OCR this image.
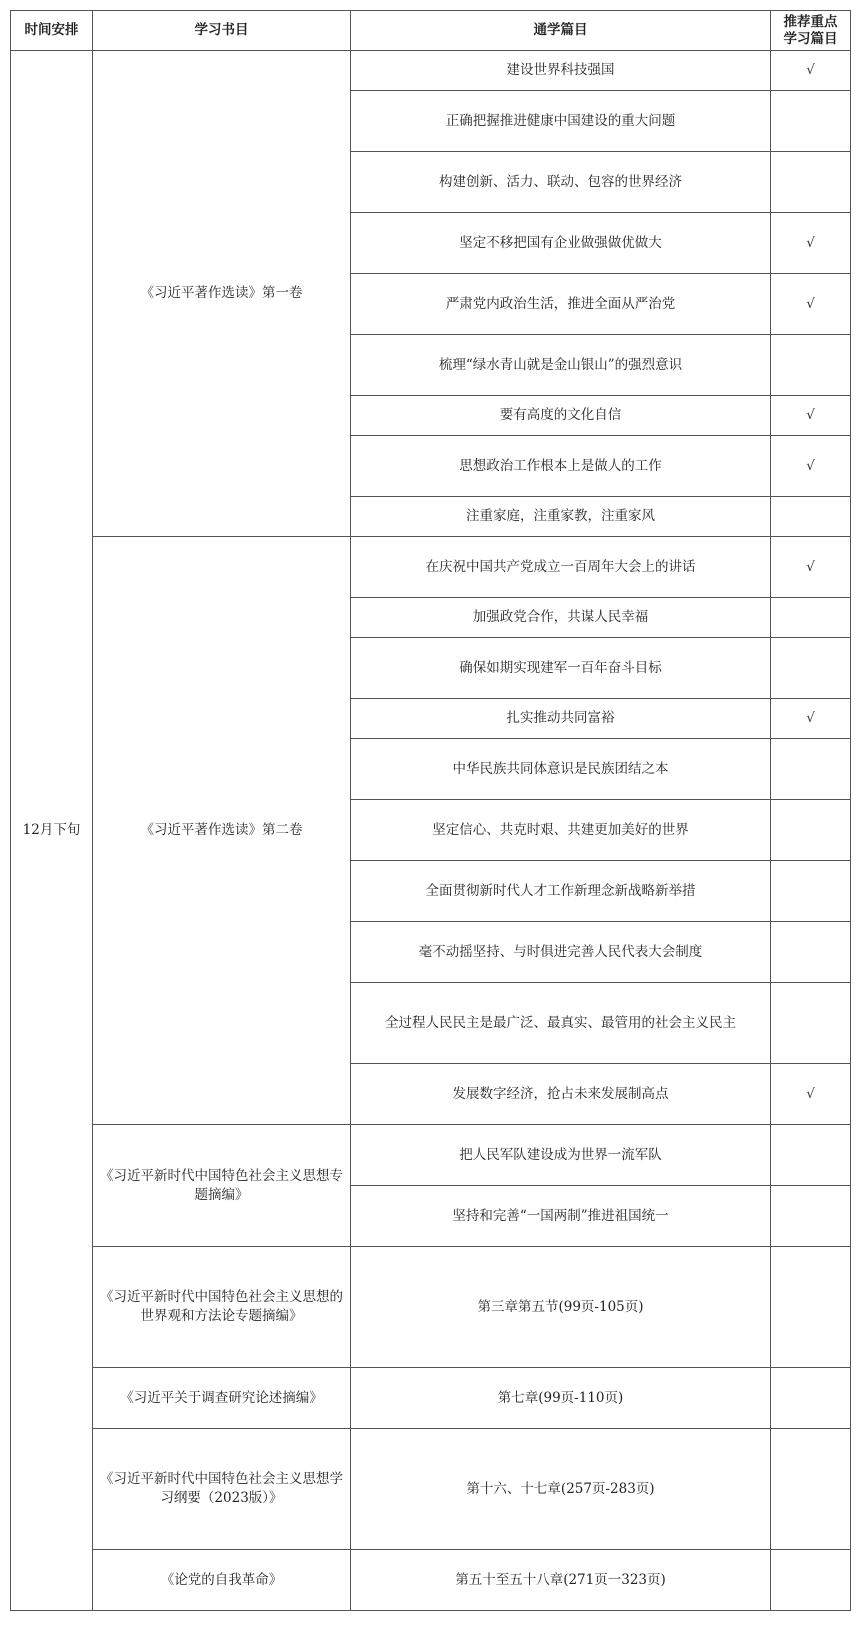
时间安排	学习书目	通学篇目	推荐重点学习篇目
12月下旬	《习近平著作选读》第一卷	建设世界科技强国	√
		正确把握推进健康中国建设的重大问题	
		构建创新、活力、联动、包容的世界经济	
		坚定不移把国有企业做强做优做大	√
		严肃党内政治生活，推进全面从严治党	√
		梳理“绿水青山就是金山银山”的强烈意识	
		要有高度的文化自信	√
		思想政治工作根本上是做人的工作	√
		注重家庭，注重家教，注重家风	
	《习近平著作选读》第二卷	在庆祝中国共产党成立一百周年大会上的讲话	√
		加强政党合作，共谋人民幸福	
		确保如期实现建军一百年奋斗目标	
		扎实推动共同富裕	√
		中华民族共同体意识是民族团结之本	
		坚定信心、共克时艰、共建更加美好的世界	
		全面贯彻新时代人才工作新理念新战略新举措	
		毫不动摇坚持、与时俱进完善人民代表大会制度	
		全过程人民民主是最广泛、最真实、最管用的社会主义民主	
		发展数字经济，抢占未来发展制高点	√
	《习近平新时代中国特色社会主义思想专题摘编》	把人民军队建设成为世界一流军队	
		坚持和完善“一国两制”推进祖国统一	
	《习近平新时代中国特色社会主义思想的世界观和方法论专题摘编》	第三章第五节(99页-105页)	
	《习近平关于调查研究论述摘编》	第七章(99页-110页)	
	《习近平新时代中国特色社会主义思想学习纲要（2023版）》	第十六、十七章(257页-283页)	
	《论党的自我革命》	第五十至五十八章(271页一323页)	
